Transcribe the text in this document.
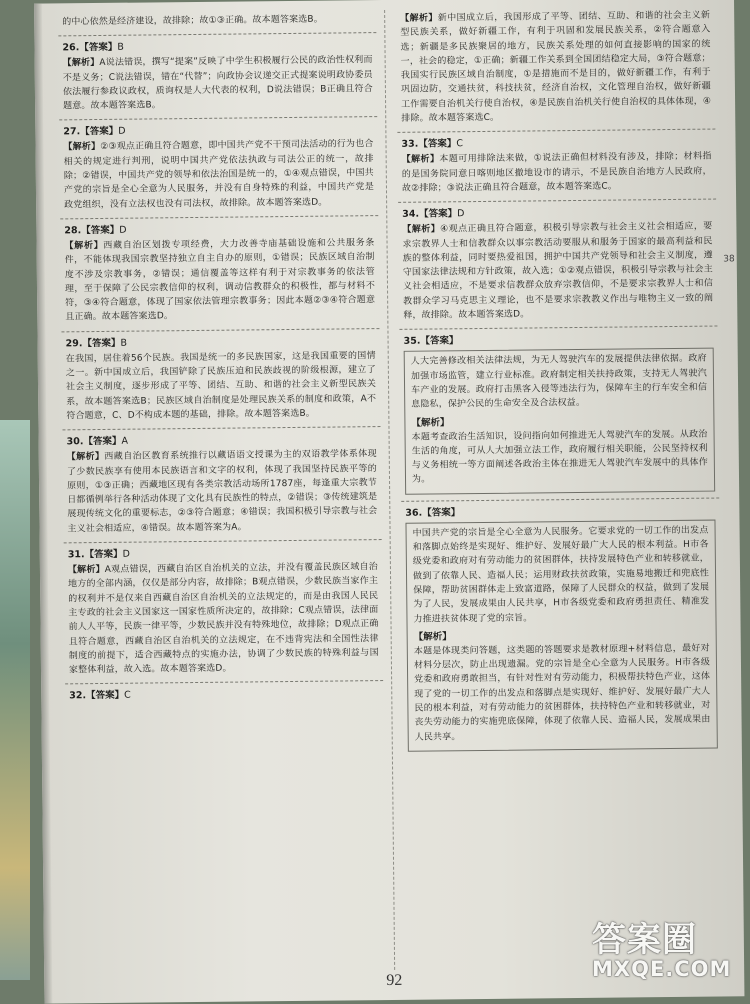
38

的中心依然是经济建设，故排除；故①③正确。故本题答案选B。

26.【答案】B

【解析】A说法错误，撰写“提案”反映了中学生积极履行公民的政治性权利而不是义务；C说法错误，错在“代替”；向政协会议递交正式提案说明政协委员依法履行参政议政权，质询权是人大代表的权利，D说法错误；B正确且符合题意。故本题答案选B。

27.【答案】D

【解析】②③观点正确且符合题意，即中国共产党不干预司法活动的行为也合相关的规定进行判刑，说明中国共产党依法执政与司法公正的统一，故排除；②错误，中国共产党的领导和依法治国是统一的，①④观点错误，中国共产党的宗旨是全心全意为人民服务，并没有自身特殊的利益，中国共产党是政党组织，没有立法权也没有司法权，故排除。故本题答案选D。

28.【答案】D

【解析】西藏自治区划拨专项经费，大力改善寺庙基础设施和公共服务条件，不能体现我国宗教坚持独立自主自办的原则，①错误；民族区域自治制度不涉及宗教事务，②错误；通信覆盖等这样有利于对宗教事务的依法管理，至于保障了公民宗教信仰的权利，调动信教群众的积极性，都与材料不符，③④符合题意，体现了国家依法管理宗教事务；因此本题②③④符合题意且正确。故本题答案选D。

29.【答案】B

在我国，居住着56个民族。我国是统一的多民族国家，这是我国重要的国情之一。新中国成立后，我国铲除了民族压迫和民族歧视的阶级根源，建立了社会主义制度，逐步形成了平等、团结、互助、和谐的社会主义新型民族关系，故本题答案选B；民族区域自治制度是处理民族关系的制度和政策，A不符合题意，C、D不构成本题的基础，排除。故本题答案选B。

30.【答案】A

【解析】西藏自治区教育系统推行以藏语语文授课为主的双语教学体系体现了少数民族享有使用本民族语言和文字的权利，体现了我国坚持民族平等的原则，①③正确；西藏地区现有各类宗教活动场所1787座，每逢重大宗教节日都循例举行各种活动体现了文化具有民族性的特点，②错误；③传统建筑是展现传统文化的重要标志，②③符合题意；④错误；我国积极引导宗教与社会主义社会相适应，④错误。故本题答案为A。

31.【答案】D

【解析】A观点错误，西藏自治区自治机关的立法，并没有覆盖民族区域自治地方的全部内涵，仅仅是部分内容，故排除；B观点错误，少数民族当家作主的权利并不是仅来自西藏自治区自治机关的立法规定的，而是由我国人民民主专政的社会主义国家这一国家性质所决定的，故排除；C观点错误，法律面前人人平等，民族一律平等，少数民族并没有特殊地位，故排除；D观点正确且符合题意，西藏自治区自治机关的立法规定，在不违背宪法和全国性法律制度的前提下，适合西藏特点的实施办法，协调了少数民族的特殊利益与国家整体利益，故入选。故本题答案选D。

32.【答案】C

【解析】新中国成立后，我国形成了平等、团结、互助、和谐的社会主义新型民族关系，做好新疆工作，有利于巩固和发展民族关系，②符合题意入选；新疆是多民族聚居的地方，民族关系处理的如何直接影响的国家的统一，社会的稳定，①正确；新疆工作关系到全国团结稳定大局，③符合题意；我国实行民族区域自治制度，①是措施而不是目的，做好新疆工作，有利于巩固边防，交通扶贫，科技扶贫，经济自治权，文化管理自治权，做好新疆工作需要自治机关行使自治权，④是民族自治机关行使自治权的具体体现，④排除。故本题答案选C。

33.【答案】C

【解析】本题可用排除法来做，①说法正确但材料没有涉及，排除；材料指的是国务院同意日喀则地区撤地设市的请示，不是民族自治地方人民政府，故②排除；③说法正确且符合题意，故本题答案选C。

34.【答案】D

【解析】④观点正确且符合题意，积极引导宗教与社会主义社会相适应，要求宗教界人士和信教群众以事宗教活动要服从和服务于国家的最高利益和民族的整体利益，同时要热爱祖国，拥护中国共产党领导和社会主义制度，遵守国家法律法规和方针政策，故入选；①②观点错误，积极引导宗教与社会主义社会相适应，不是要求信教群众放弃宗教信仰，不是要求宗教界人士和信教群众学习马克思主义理论，也不是要求宗教教义作出与唯物主义一致的阐释，故排除。故本题答案选D。

35.【答案】

人大完善修改相关法律法规，为无人驾驶汽车的发展提供法律依据。政府加强市场监管，建立行业标准。政府制定相关扶持政策，支持无人驾驶汽车产业的发展。政府打击黑客入侵等违法行为，保障车主的行车安全和信息隐私，保护公民的生命安全及合法权益。

【解析】

本题考查政治生活知识，设问指向如何推进无人驾驶汽车的发展。从政治生活的角度，可从人大加强立法工作，政府履行相关职能，公民坚持权利与义务相统一等方面阐述各政治主体在推进无人驾驶汽车发展中的具体作为。

36.【答案】

中国共产党的宗旨是全心全意为人民服务。它要求党的一切工作的出发点和落脚点始终是实现好、维护好、发展好最广大人民的根本利益。H市各级党委和政府对有劳动能力的贫困群体，扶持发展特色产业和转移就业，做到了依靠人民、造福人民；运用财政扶贫政策，实施易地搬迁和兜底性保障，帮助贫困群体走上致富道路，保障了人民群众的权益，做到了发展为了人民，发展成果由人民共享，H市各级党委和政府勇担责任、精准发力推进扶贫体现了党的宗旨。

【解析】

本题是体现类问答题，这类题的答题要求是教材原理+材料信息，最好对材料分层次，防止出现遗漏。党的宗旨是全心全意为人民服务。H市各级党委和政府勇敢担当，有针对性对有劳动能力，积极帮扶特色产业，这体现了党的一切工作的出发点和落脚点是实现好、维护好、发展好最广大人民的根本利益，对有劳动能力的贫困群体，扶持特色产业和转移就业，对丧失劳动能力的实施兜底保障，体现了依靠人民、造福人民，发展成果由人民共享。

92
答案圈
MXQE.COM
